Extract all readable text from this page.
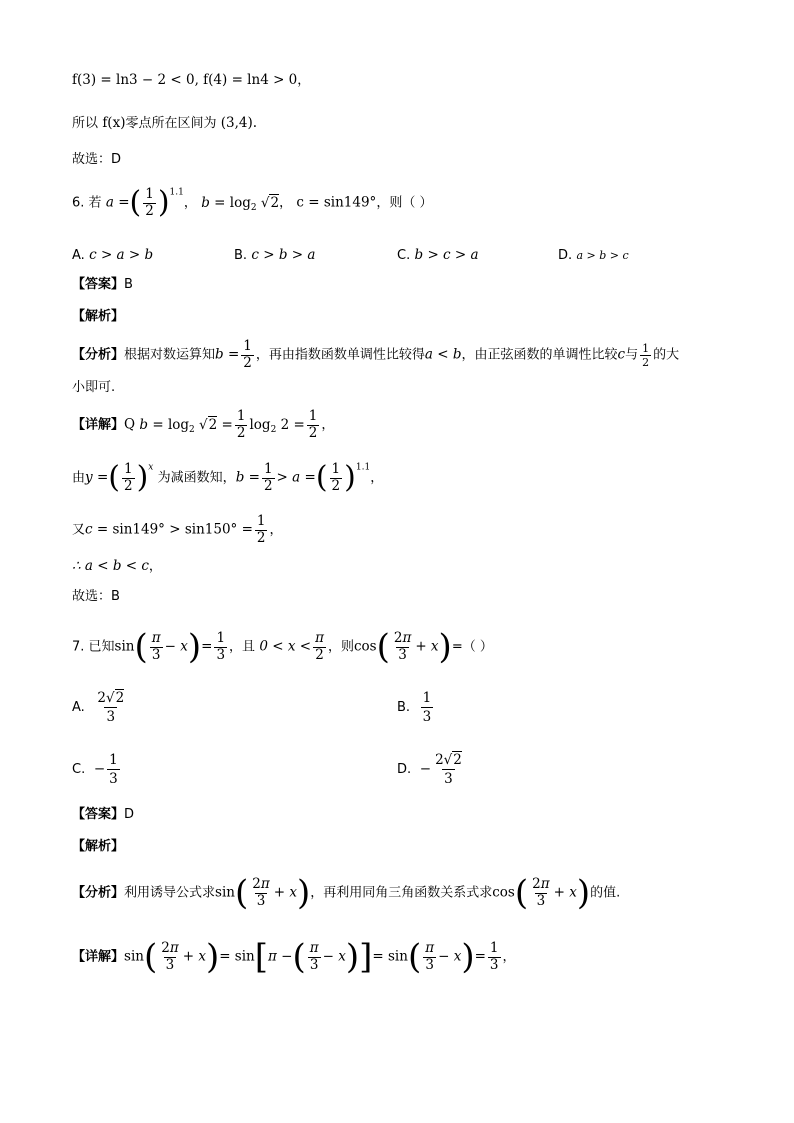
f(3) = ln3 − 2 < 0, f(4) = ln4 > 0，
所以 f(x)零点所在区间为 (3,4).
故选：D
6. 若 a =( $\frac{1}{2} )^{1.1}$， $b = \log_2 √2$， c = sin149°，则（ ）
A. c > a > b	B. c > b > a	C. b > c > a	D. a > b > c
【答案】B
【解析】
【分析】根据对数运算知$b = \frac{1}{2}$ ，再由指数函数单调性比较得a < b，由正弦函数的单调性比较c与 $\frac{1}{2}$ 的大
小即可.
【详解】Q $b = \log_2 √2 = \frac{1}{2} \log_2 2 = \frac{1}{2}$ ，
由y =( $\frac{1}{2} )^x$ 为减函数知，$b = \frac{1}{2} > a$ =( $\frac{1}{2} )^{1.1}$，
又$c = \sin 149^\circ > \sin 150^\circ = \frac{1}{2}$ ，
∴ a < b < c，
故选：B
7. 已知$\sin( \frac{\pi}{3} - x)= \frac{1}{3}$ ，且 $0 < x < \frac{\pi}{2}$ ，则$\cos( \frac{2\pi}{3} + x)=$（ ）
A. $\frac{2√2}{3}$	B. $\frac{1}{3}$
C. − $\frac{1}{3}$	D. − $\frac{2√2}{3}$
【答案】D
【解析】
【分析】利用诱导公式求$\sin( \frac{2\pi}{3} + x)$，再利用同角三角函数关系式求$\cos( \frac{2\pi}{3} + x)$的值.
【详解】$\sin( \frac{2\pi}{3} + x)= \sin[\pi$ −( $\frac{\pi}{3} - x)]= \sin( \frac{\pi}{3} - x)= \frac{1}{3}$ ，
